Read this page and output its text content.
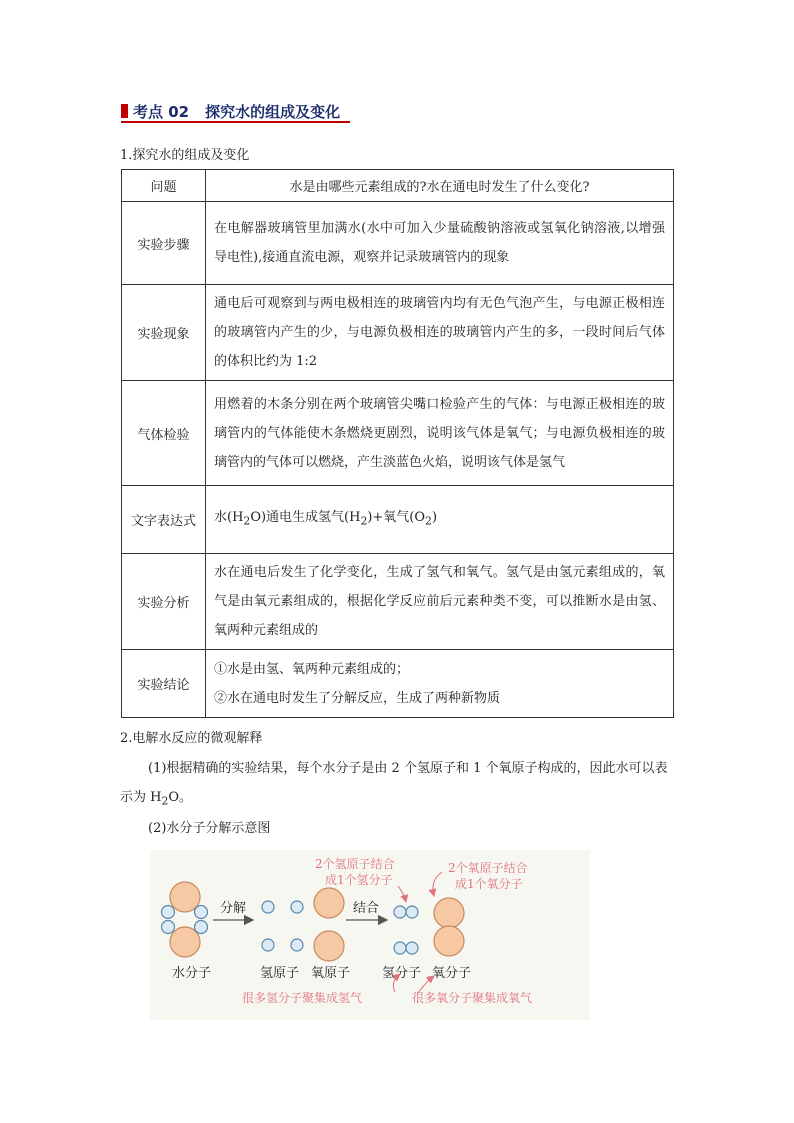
考点 02 探究水的组成及变化
1.探究水的组成及变化
问题	水是由哪些元素组成的?水在通电时发生了什么变化?
实验步骤	在电解器玻璃管里加满水(水中可加入少量硫酸钠溶液或氢氧化钠溶液,以增强导电性),接通直流电源，观察并记录玻璃管内的现象
实验现象	通电后可观察到与两电极相连的玻璃管内均有无色气泡产生，与电源正极相连的玻璃管内产生的少，与电源负极相连的玻璃管内产生的多，一段时间后气体的体积比约为 1:2
气体检验	用燃着的木条分别在两个玻璃管尖嘴口检验产生的气体：与电源正极相连的玻璃管内的气体能使木条燃烧更剧烈，说明该气体是氧气；与电源负极相连的玻璃管内的气体可以燃烧，产生淡蓝色火焰，说明该气体是氢气
文字表达式	水$(H_2O)$通电生成氢气$(H_2)+$氧气$(O_2)$
实验分析	水在通电后发生了化学变化，生成了氢气和氧气。氢气是由氢元素组成的，氧气是由氧元素组成的，根据化学反应前后元素种类不变，可以推断水是由氢、氧两种元素组成的
实验结论	①水是由氢、氧两种元素组成的；
②水在通电时发生了分解反应，生成了两种新物质
2.电解水反应的微观解释
(1)根据精确的实验结果，每个水分子是由 2 个氢原子和 1 个氧原子构成的，因此水可以表示为 $H_2O$。
(2)水分子分解示意图
水分子
分解
氢原子 氧原子
结合
氢分子 氧分子
2个氢原子结合
成1个氢分子
2个氧原子结合
成1个氧分子
很多氢分子聚集成氢气	很多氧分子聚集成氧气
